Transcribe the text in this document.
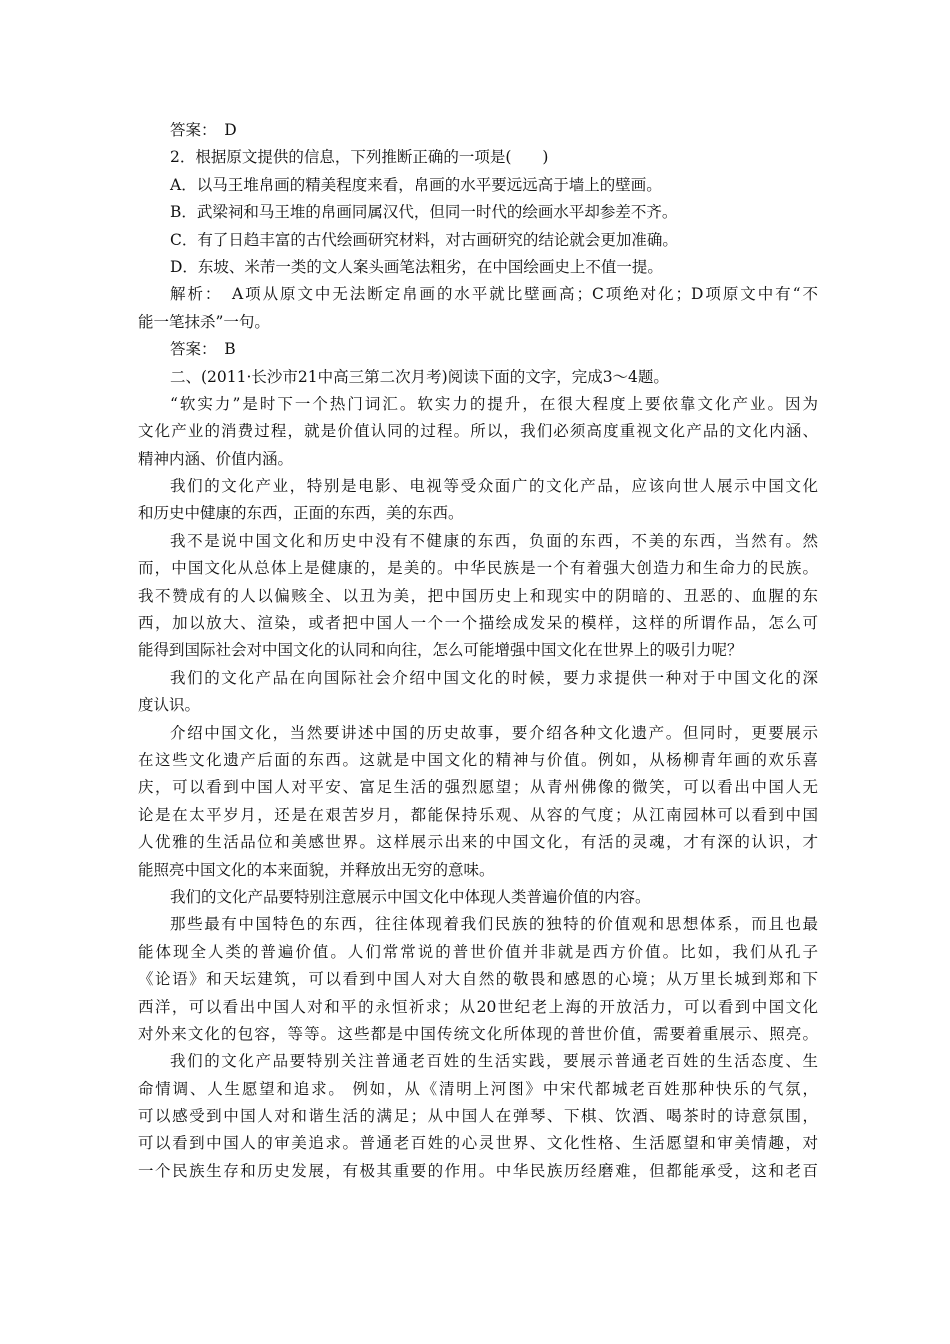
答案：　D
2．根据原文提供的信息，下列推断正确的一项是(　　)
A．以马王堆帛画的精美程度来看，帛画的水平要远远高于墙上的壁画。
B．武梁祠和马王堆的帛画同属汉代，但同一时代的绘画水平却参差不齐。
C．有了日趋丰富的古代绘画研究材料，对古画研究的结论就会更加准确。
D．东坡、米芾一类的文人案头画笔法粗劣，在中国绘画史上不值一提。
解析：　A项从原文中无法断定帛画的水平就比壁画高；C项绝对化；D项原文中有“不
能一笔抹杀”一句。
答案：　B
二、(2011·长沙市21中高三第二次月考)阅读下面的文字，完成3～4题。
“软实力”是时下一个热门词汇。软实力的提升，在很大程度上要依靠文化产业。因为
文化产业的消费过程，就是价值认同的过程。所以，我们必须高度重视文化产品的文化内涵、
精神内涵、价值内涵。
我们的文化产业，特别是电影、电视等受众面广的文化产品，应该向世人展示中国文化
和历史中健康的东西，正面的东西，美的东西。
我不是说中国文化和历史中没有不健康的东西，负面的东西，不美的东西，当然有。然
而，中国文化从总体上是健康的，是美的。中华民族是一个有着强大创造力和生命力的民族。
我不赞成有的人以偏赅全、以丑为美，把中国历史上和现实中的阴暗的、丑恶的、血腥的东
西，加以放大、渲染，或者把中国人一个一个描绘成发呆的模样，这样的所谓作品，怎么可
能得到国际社会对中国文化的认同和向往，怎么可能增强中国文化在世界上的吸引力呢？
我们的文化产品在向国际社会介绍中国文化的时候，要力求提供一种对于中国文化的深
度认识。
介绍中国文化，当然要讲述中国的历史故事，要介绍各种文化遗产。但同时，更要展示
在这些文化遗产后面的东西。这就是中国文化的精神与价值。例如，从杨柳青年画的欢乐喜
庆，可以看到中国人对平安、富足生活的强烈愿望；从青州佛像的微笑，可以看出中国人无
论是在太平岁月，还是在艰苦岁月，都能保持乐观、从容的气度；从江南园林可以看到中国
人优雅的生活品位和美感世界。这样展示出来的中国文化，有活的灵魂，才有深的认识，才
能照亮中国文化的本来面貌，并释放出无穷的意味。
我们的文化产品要特别注意展示中国文化中体现人类普遍价值的内容。
那些最有中国特色的东西，往往体现着我们民族的独特的价值观和思想体系，而且也最
能体现全人类的普遍价值。人们常常说的普世价值并非就是西方价值。比如，我们从孔子
《论语》和天坛建筑，可以看到中国人对大自然的敬畏和感恩的心境；从万里长城到郑和下
西洋，可以看出中国人对和平的永恒祈求；从20世纪老上海的开放活力，可以看到中国文化
对外来文化的包容，等等。这些都是中国传统文化所体现的普世价值，需要着重展示、照亮。
我们的文化产品要特别关注普通老百姓的生活实践，要展示普通老百姓的生活态度、生
命情调、人生愿望和追求。 例如，从《清明上河图》中宋代都城老百姓那种快乐的气氛，
可以感受到中国人对和谐生活的满足；从中国人在弹琴、下棋、饮酒、喝茶时的诗意氛围，
可以看到中国人的审美追求。普通老百姓的心灵世界、文化性格、生活愿望和审美情趣，对
一个民族生存和历史发展，有极其重要的作用。中华民族历经磨难，但都能承受，这和老百
